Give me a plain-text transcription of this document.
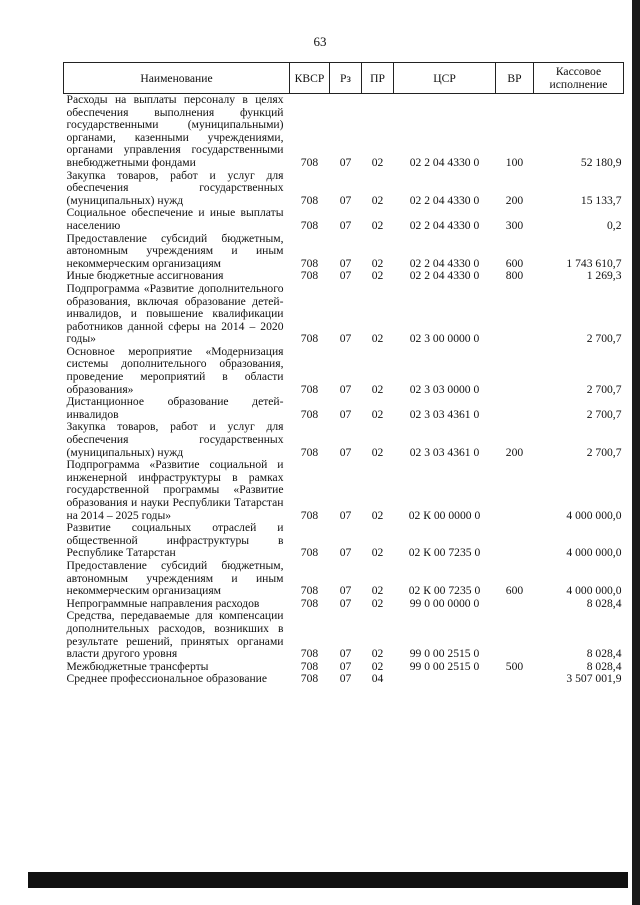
63
Наименование	КВСР	Рз	ПР	ЦСР	ВР	Кассовое исполнение
Расходы на выплаты персоналу в целях обеспечения выполнения функций государственными (муниципальными) органами, казенными учреждениями, органами управления государственными внебюджетными фондами	708	07	02	02 2 04 4330 0	100	52 180,9
Закупка товаров, работ и услуг для обеспечения государственных (муниципальных) нужд	708	07	02	02 2 04 4330 0	200	15 133,7
Социальное обеспечение и иные выплаты населению	708	07	02	02 2 04 4330 0	300	0,2
Предоставление субсидий бюджетным, автономным учреждениям и иным некоммерческим организациям	708	07	02	02 2 04 4330 0	600	1 743 610,7
Иные бюджетные ассигнования	708	07	02	02 2 04 4330 0	800	1 269,3
Подпрограмма «Развитие дополнительного образования, включая образование детей-инвалидов, и повышение квалификации работников данной сферы на 2014 – 2020 годы»	708	07	02	02 3 00 0000 0		2 700,7
Основное мероприятие «Модернизация системы дополнительного образования, проведение мероприятий в области образования»	708	07	02	02 3 03 0000 0		2 700,7
Дистанционное образование детей-инвалидов	708	07	02	02 3 03 4361 0		2 700,7
Закупка товаров, работ и услуг для обеспечения государственных (муниципальных) нужд	708	07	02	02 3 03 4361 0	200	2 700,7
Подпрограмма «Развитие социальной и инженерной инфраструктуры в рамках государственной программы «Развитие образования и науки Республики Татарстан на 2014 – 2025 годы»	708	07	02	02 К 00 0000 0		4 000 000,0
Развитие социальных отраслей и общественной инфраструктуры в Республике Татарстан	708	07	02	02 К 00 7235 0		4 000 000,0
Предоставление субсидий бюджетным, автономным учреждениям и иным некоммерческим организациям	708	07	02	02 К 00 7235 0	600	4 000 000,0
Непрограммные направления расходов	708	07	02	99 0 00 0000 0		8 028,4
Средства, передаваемые для компенсации дополнительных расходов, возникших в результате решений, принятых органами власти другого уровня	708	07	02	99 0 00 2515 0		8 028,4
Межбюджетные трансферты	708	07	02	99 0 00 2515 0	500	8 028,4
Среднее профессиональное образование	708	07	04			3 507 001,9
